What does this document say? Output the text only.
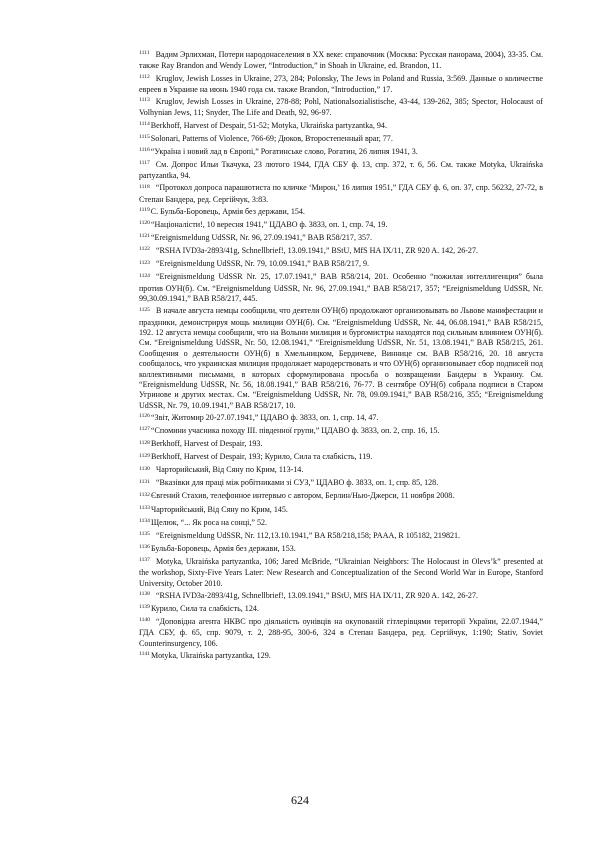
$^{1111}$ Вадим Эрлихман, Потери народонаселения в XX веке: справочник (Москва: Русская панорама, 2004), 33-35. См. также Ray Brandon and Wendy Lower, “Introduction,” in Shoah in Ukraine, ed. Brandon, 11.
$^{1112}$ Kruglov, Jewish Losses in Ukraine, 273, 284; Polonsky, The Jews in Poland and Russia, 3:569. Данные о количестве евреев в Украине на июнь 1940 года см. также Brandon, “Introduction,” 17.
$^{1113}$ Kruglov, Jewish Losses in Ukraine, 278-88; Pohl, Nationalsozialistische, 43-44, 139-262, 385; Spector, Holocaust of Volhynian Jews, 11; Snyder, The Life and Death, 92, 96-97.
$^{1114}$Berkhoff, Harvest of Despair, 51-52; Motyka, Ukraińska partyzantka, 94.
$^{1115}$Solonari, Patterns of Violence, 766-69; Дюков, Второстепенный враг, 77.
$^{1116}$“Україна і новий лад в Європі,” Рогатинське слово, Рогатин, 26 липня 1941, 3.
$^{1117}$ См. Допрос Ильи Ткачука, 23 лютого 1944, ГДА СБУ ф. 13, спр. 372, т. 6, 56. См. также Motyka, Ukraińska partyzantka, 94.
$^{1118}$ “Протокол допроса парашютиста по кличке ‘Мирон,’ 16 липня 1951,” ГДА СБУ ф. 6, оп. 37, спр. 56232, 27-72, в Степан Бандера, ред. Сергійчук, 3:83.
$^{1119}$С. Бульба-Боровець, Армія без держави, 154.
$^{1120}$“Націоналісти!, 10 вересня 1941,” ЦДАВО ф. 3833, оп. 1, спр. 74, 19.
$^{1121}$“Ereignismeldung UdSSR, Nr. 96, 27.09.1941,” BAB R58/217, 357.
$^{1122}$ “RSHA IVD3a-2893/41g, Schnellbrief!, 13.09.1941,” BStU, MfS HA IX/11, ZR 920 A. 142, 26-27.
$^{1123}$ “Ereignismeldung UdSSR, Nr. 79, 10.09.1941,” BAB R58/217, 9.
$^{1124}$ “Ereignismeldung UdSSR Nr. 25, 17.07.1941,” BAB R58/214, 201. Особенно “пожилая интеллигенция” была против ОУН(б). См. “Ereignismeldung UdSSR, Nr. 96, 27.09.1941,” BAB R58/217, 357; “Ereignismeldung UdSSR, Nr. 99,30.09.1941,” BAB R58/217, 445.
$^{1125}$ В начале августа немцы сообщили, что деятели ОУН(б) продолжают организовывать во Львове манифестации и праздники, демонстрируя мощь милиции ОУН(б). См. “Ereignismeldung UdSSR, Nr. 44, 06.08.1941,” BAB R58/215, 192. 12 августа немцы сообщили, что на Волыни милиция и бургомистры находятся под сильным влиянием ОУН(б). См. “Ereignismeldung UdSSR, Nr. 50, 12.08.1941,” “Ereignismeldung UdSSR, Nr. 51, 13.08.1941,” BAB R58/215, 261. Сообщения о деятельности ОУН(б) в Хмельницком, Бердичеве, Виннице см. BAB R58/216, 20. 18 августа сообщалось, что украинская милиция продолжает мародерствовать и что ОУН(б) организовывает сбор подписей под коллективными письмами, в которых сформулирована просьба о возвращении Бандеры в Украину. См. “Ereignismeldung UdSSR, Nr. 56, 18.08.1941,” BAB R58/216, 76-77. В сентябре ОУН(б) собрала подписи в Старом Угринове и других местах. См. “Ereignismeldung UdSSR, Nr. 78, 09.09.1941,” BAB R58/216, 355; “Ereignismeldung UdSSR, Nr. 79, 10.09.1941,” BAB R58/217, 10.
$^{1126}$“Звіт, Житомир 20-27.07.1941,” ЦДАВО ф. 3833, оп. 1, спр. 14, 47.
$^{1127}$“Спомини учасника походу ІІІ. південної групи,” ЦДАВО ф. 3833, оп. 2, спр. 16, 15.
$^{1128}$Berkhoff, Harvest of Despair, 193.
$^{1129}$Berkhoff, Harvest of Despair, 193; Курило, Сила та слабкість, 119.
$^{1130}$ Чарторийський, Від Сяну по Крим, 113-14.
$^{1131}$ “Вказівки для праці між робітниками зі СУЗ,” ЦДАВО ф. 3833, оп. 1, спр. 85, 128.
$^{1132}$Євгений Стахив, телефонное интервью с автором, Берлин/Нью-Джерси, 11 ноября 2008.
$^{1133}$Чарторийський, Від Сяну по Крим, 145.
$^{1134}$Щелюк, “... Як роса на сонці,” 52.
$^{1135}$ “Ereignismeldung UdSSR, Nr. 112,13.10.1941,” BA R58/218,158; PAAA, R 105182, 219821.
$^{1136}$Бульба-Боровець, Армія без держави, 153.
$^{1137}$ Motyka, Ukraińska partyzantka, 106; Jared McBride, “Ukrainian Neighbors: The Holocaust in Olevs’k” presented at the workshop, Sixty-Five Years Later: New Research and Conceptualization of the Second World War in Europe, Stanford University, October 2010.
$^{1138}$ “RSHA IVD3a-2893/41g, Schnellbrief!, 13.09.1941,” BStU, MfS HA IX/11, ZR 920 A. 142, 26-27.
$^{1139}$Курило, Сила та слабкість, 124.
$^{1140}$ “Доповідна агента НКВС про діяльність оунівців на окупованій гітлерівцями території України, 22.07.1944,” ГДА СБУ, ф. 65, спр. 9079, т. 2, 288-95, 300-6, 324 в Степан Бандера, ред. Сергійчук, 1:190; Stativ, Soviet Counterinsurgency, 106.
$^{1141}$Motyka, Ukraińska partyzantka, 129.
624
